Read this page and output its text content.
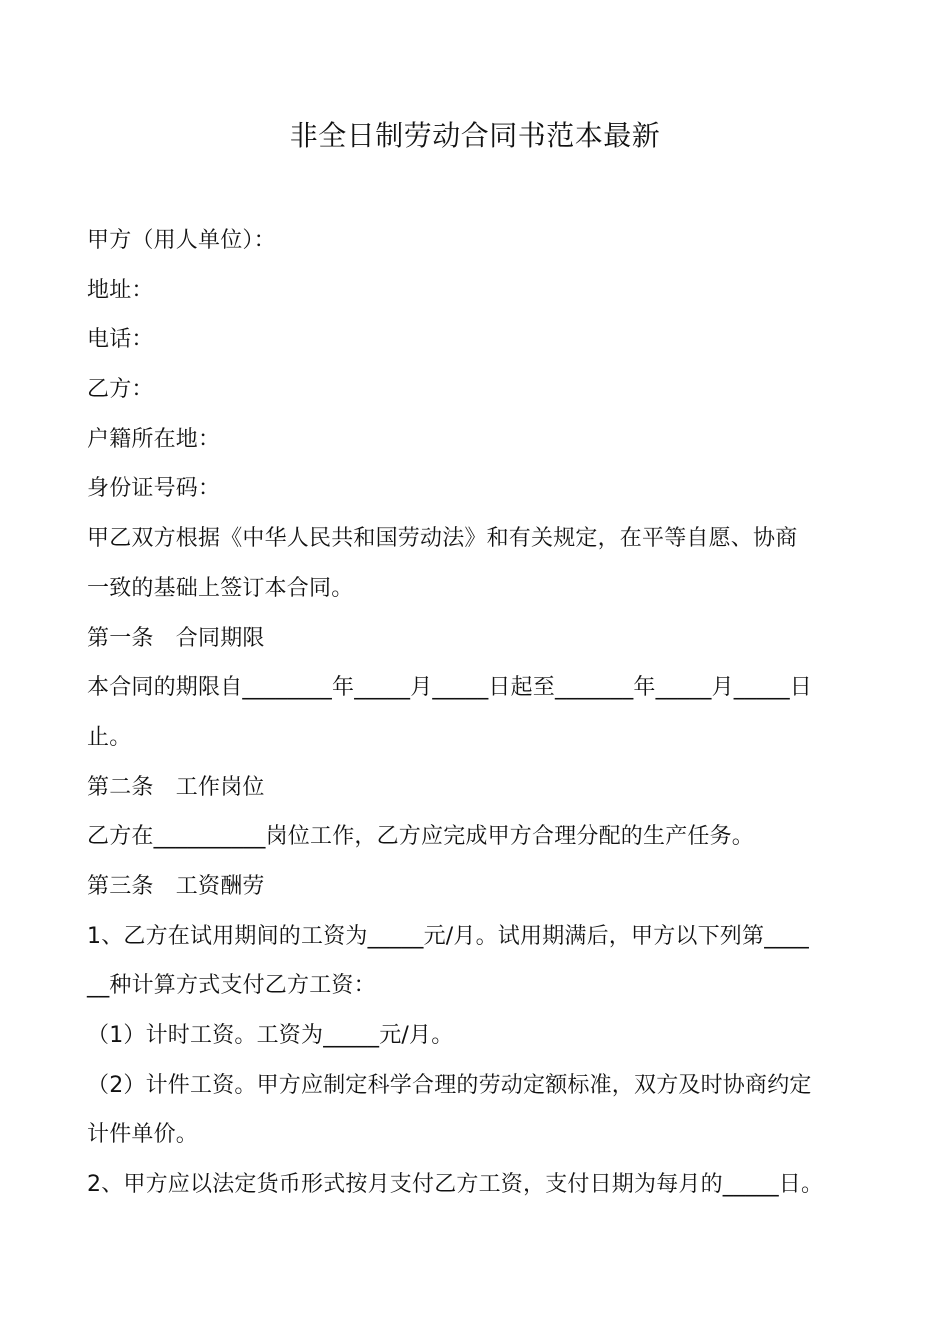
非全日制劳动合同书范本最新

甲方（用人单位）：

地址：

电话：

乙方：

户籍所在地：

身份证号码：

甲乙双方根据《中华人民共和国劳动法》和有关规定，在平等自愿、协商

一致的基础上签订本合同。

第一条　合同期限

本合同的期限自________年_____月_____日起至_______年_____月_____日

止。

第二条　工作岗位

乙方在__________岗位工作，乙方应完成甲方合理分配的生产任务。

第三条　工资酬劳

1、乙方在试用期间的工资为_____元/月。试用期满后，甲方以下列第____

__种计算方式支付乙方工资：

（1）计时工资。工资为_____元/月。

（2）计件工资。甲方应制定科学合理的劳动定额标准，双方及时协商约定

计件单价。

2、甲方应以法定货币形式按月支付乙方工资，支付日期为每月的_____日。
